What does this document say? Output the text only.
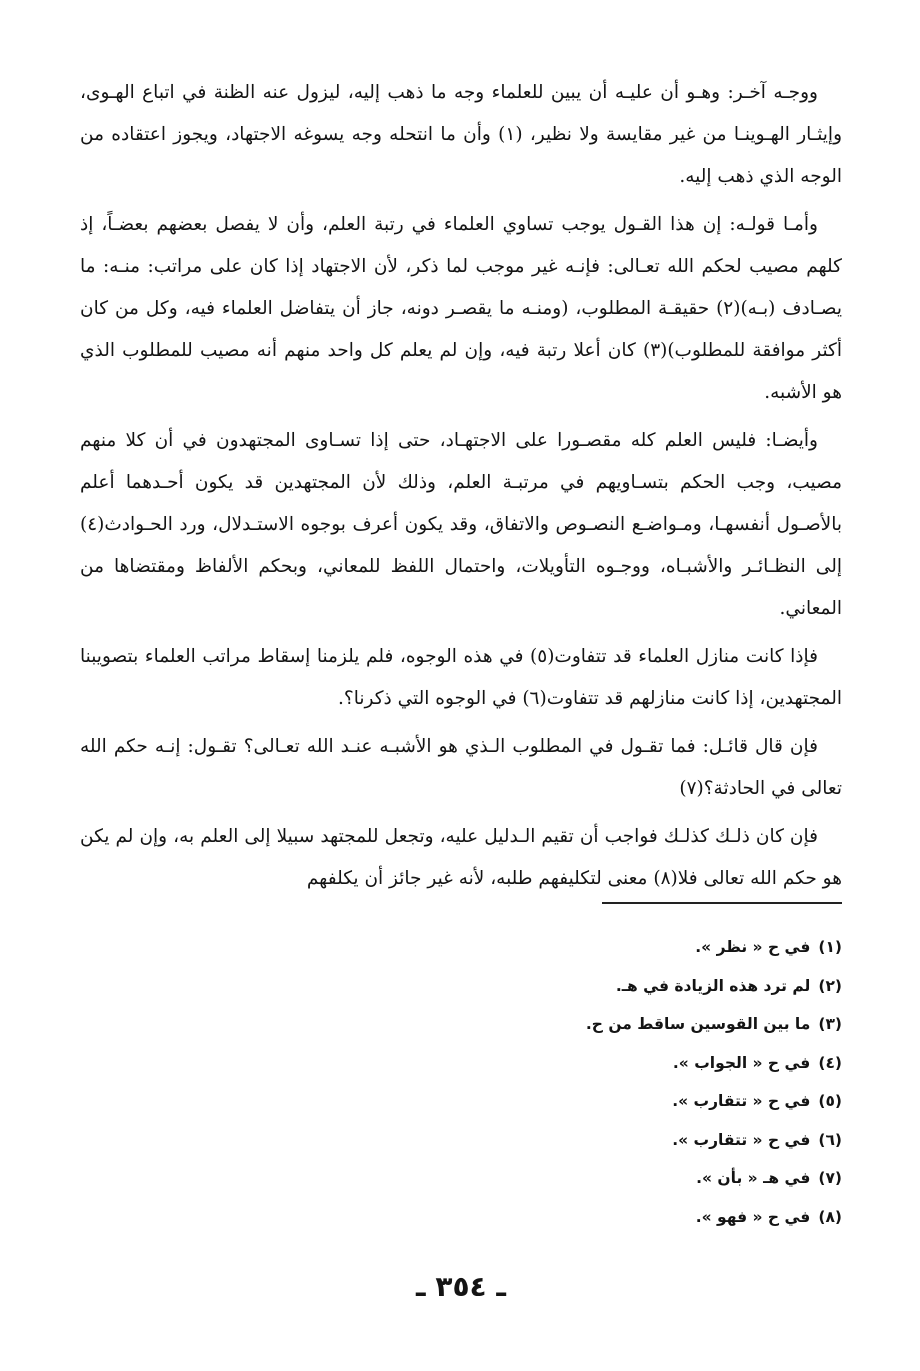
ووجـه آخـر: وهـو أن عليـه أن يبين للعلماء وجه ما ذهب إليه، ليزول عنه الظنة في اتباع الهـوى، وإيثـار الهـوينـا من غير مقايسة ولا نظير، (١) وأن ما انتحله وجه يسوغه الاجتهاد، ويجوز اعتقاده من الوجه الذي ذهب إليه.

وأمـا قولـه: إن هذا القـول يوجب تساوي العلماء في رتبة العلم، وأن لا يفصل بعضهم بعضـاً، إذ كلهم مصيب لحكم الله تعـالى: فإنـه غير موجب لما ذكر، لأن الاجتهاد إذا كان على مراتب: منـه: ما يصـادف (بـه)(٢) حقيقـة المطلوب، (ومنـه ما يقصـر دونه، جاز أن يتفاضل العلماء فيه، وكل من كان أكثر موافقة للمطلوب)(٣) كان أعلا رتبة فيه، وإن لم يعلم كل واحد منهم أنه مصيب للمطلوب الذي هو الأشبه.

وأيضـا: فليس العلم كله مقصـورا على الاجتهـاد، حتى إذا تسـاوى المجتهدون في أن كلا منهم مصيب، وجب الحكم بتسـاويهم في مرتبـة العلم، وذلك لأن المجتهدين قد يكون أحـدهما أعلم بالأصـول أنفسهـا، ومـواضـع النصـوص والاتفاق، وقد يكون أعرف بوجوه الاستـدلال، ورد الحـوادث(٤) إلى النظـائـر والأشبـاه، ووجـوه التأويلات، واحتمال اللفظ للمعاني، وبحكم الألفاظ ومقتضاها من المعاني.

فإذا كانت منازل العلماء قد تتفاوت(٥) في هذه الوجوه، فلم يلزمنا إسقاط مراتب العلماء بتصويبنا المجتهدين، إذا كانت منازلهم قد تتفاوت(٦) في الوجوه التي ذكرنا؟.

فإن قال قائـل: فما تقـول في المطلوب الـذي هو الأشبـه عنـد الله تعـالى؟ تقـول: إنـه حكم الله تعالى في الحادثة؟(٧)

فإن كان ذلـك كذلـك فواجب أن تقيم الـدليل عليه، وتجعل للمجتهد سبيلا إلى العلم به، وإن لم يكن هو حكم الله تعالى فلا(٨) معنى لتكليفهم طلبه، لأنه غير جائز أن يكلفهم

(١)في ح « نظر ».
(٢)لم ترد هذه الزيادة في هـ.
(٣)ما بين القوسين ساقط من ح.
(٤)في ح « الجواب ».
(٥)في ح « تتقارب ».
(٦)في ح « تتقارب ».
(٧)في هـ « بأن ».
(٨)في ح « فهو ».
ـ ٣٥٤ ـ
